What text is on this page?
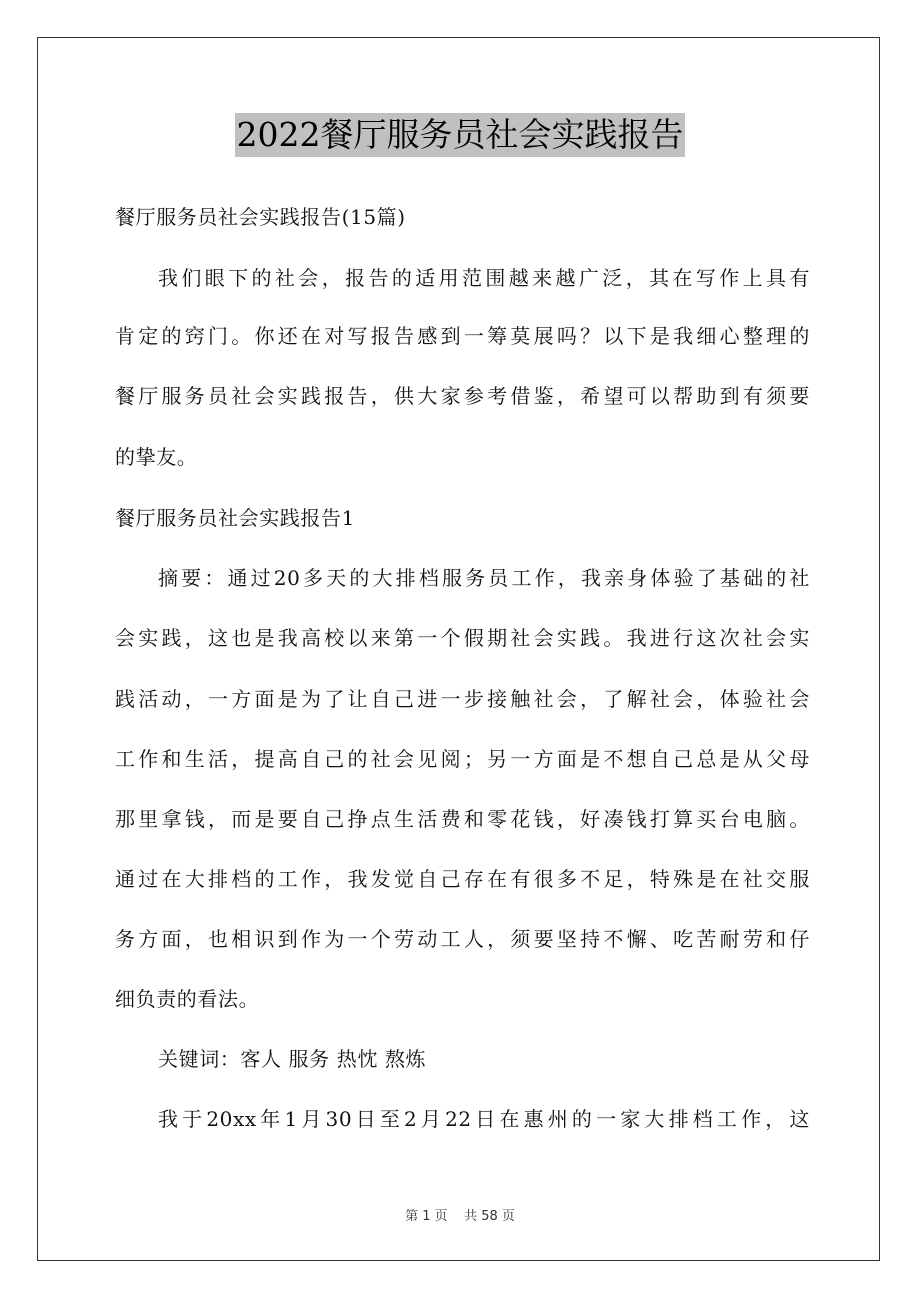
2022餐厅服务员社会实践报告
餐厅服务员社会实践报告(15篇)
我们眼下的社会，报告的适用范围越来越广泛，其在写作上具有
肯定的窍门。你还在对写报告感到一筹莫展吗？以下是我细心整理的
餐厅服务员社会实践报告，供大家参考借鉴，希望可以帮助到有须要
的挚友。
餐厅服务员社会实践报告1
摘要：通过20多天的大排档服务员工作，我亲身体验了基础的社
会实践，这也是我高校以来第一个假期社会实践。我进行这次社会实
践活动，一方面是为了让自己进一步接触社会，了解社会，体验社会
工作和生活，提高自己的社会见阅；另一方面是不想自己总是从父母
那里拿钱，而是要自己挣点生活费和零花钱，好凑钱打算买台电脑。
通过在大排档的工作，我发觉自己存在有很多不足，特殊是在社交服
务方面，也相识到作为一个劳动工人，须要坚持不懈、吃苦耐劳和仔
细负责的看法。
关键词：客人 服务 热忱 熬炼
我于20xx年1月30日至2月22日在惠州的一家大排档工作，这
第 1 页    共 58 页
